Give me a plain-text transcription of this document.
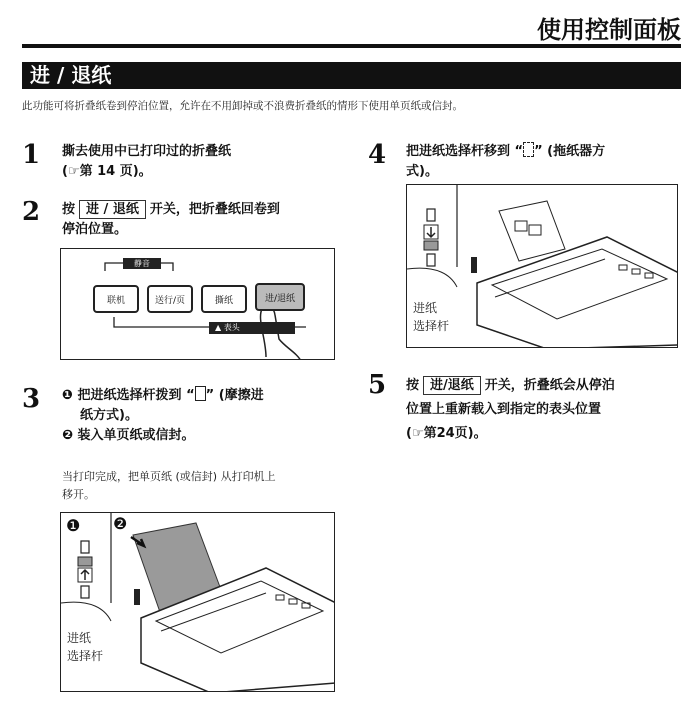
使用控制面板
进 / 退纸
此功能可将折叠纸卷到停泊位置，允许在不用卸掉或不浪费折叠纸的情形下使用单页纸或信封。
1 撕去使用中已打印过的折叠纸
(☞第 14 页)。
2 按 进 / 退纸 开关，把折叠纸回卷到
停泊位置。
静音
联机	送行/页	撕纸	进/退纸
▲ 表头
3 ❶ 把进纸选择杆拨到 “ ” (摩擦进
纸方式)。
❷ 装入单页纸或信封。
当打印完成，把单页纸 (或信封) 从打印机上
移开。
❶ ❷
进纸
选择杆
4 把进纸选择杆移到 “ ” (拖纸器方
式)。
进纸
选择杆
5 按 进/退纸 开关，折叠纸会从停泊
位置上重新载入到指定的表头位置
(☞第24页)。
